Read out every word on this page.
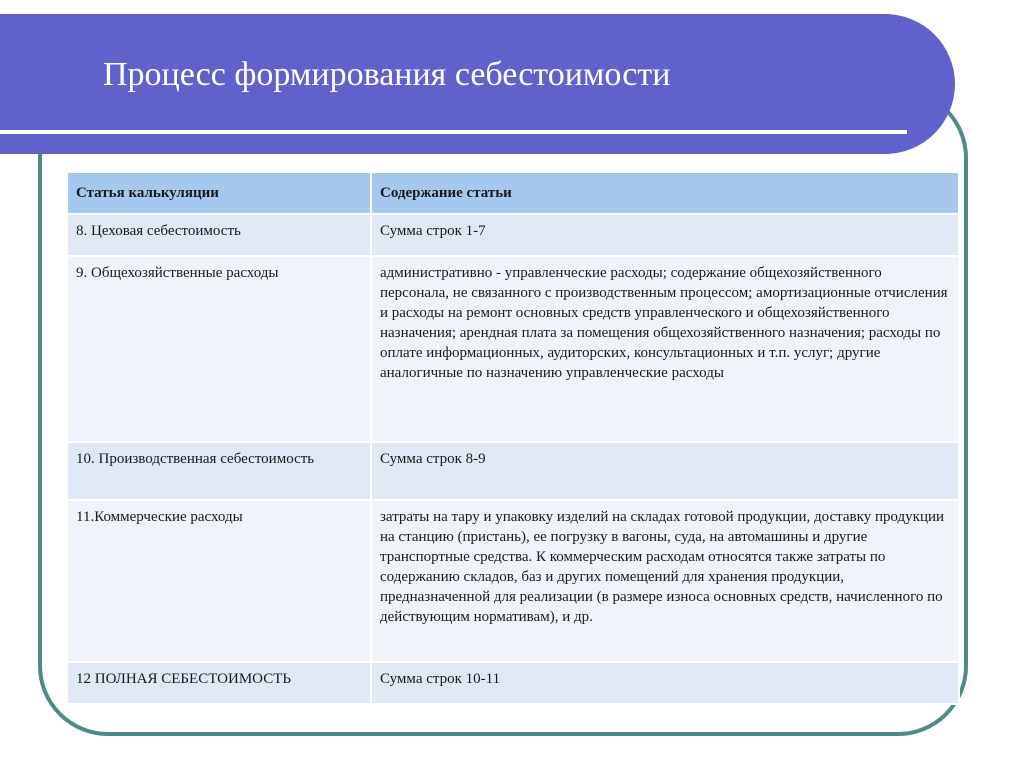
Процесс формирования себестоимости
Статья калькуляции	Содержание статьи
8. Цеховая себестоимость	Сумма строк 1-7
9. Общехозяйственные расходы	административно - управленческие расходы; содержание общехозяйственного персонала, не связанного с производственным процессом; амортизационные отчисления и расходы на ремонт основных средств управленческого и общехозяйственного назначения; арендная плата за помещения общехозяйственного назначения; расходы по оплате информационных, аудиторских, консультационных и т.п. услуг; другие аналогичные по назначению управленческие расходы
10. Производственная себестоимость	Сумма строк 8-9
11.Коммерческие расходы	затраты на тару и упаковку изделий на складах готовой продукции, доставку продукции на станцию (пристань), ее погрузку в вагоны, суда, на автомашины и другие транспортные средства. К коммерческим расходам относятся также затраты по содержанию складов, баз и других помещений для хранения продукции, предназначенной для реализации (в размере износа основных средств, начисленного по действующим нормативам), и др.
12 ПОЛНАЯ СЕБЕСТОИМОСТЬ	Сумма строк 10-11
